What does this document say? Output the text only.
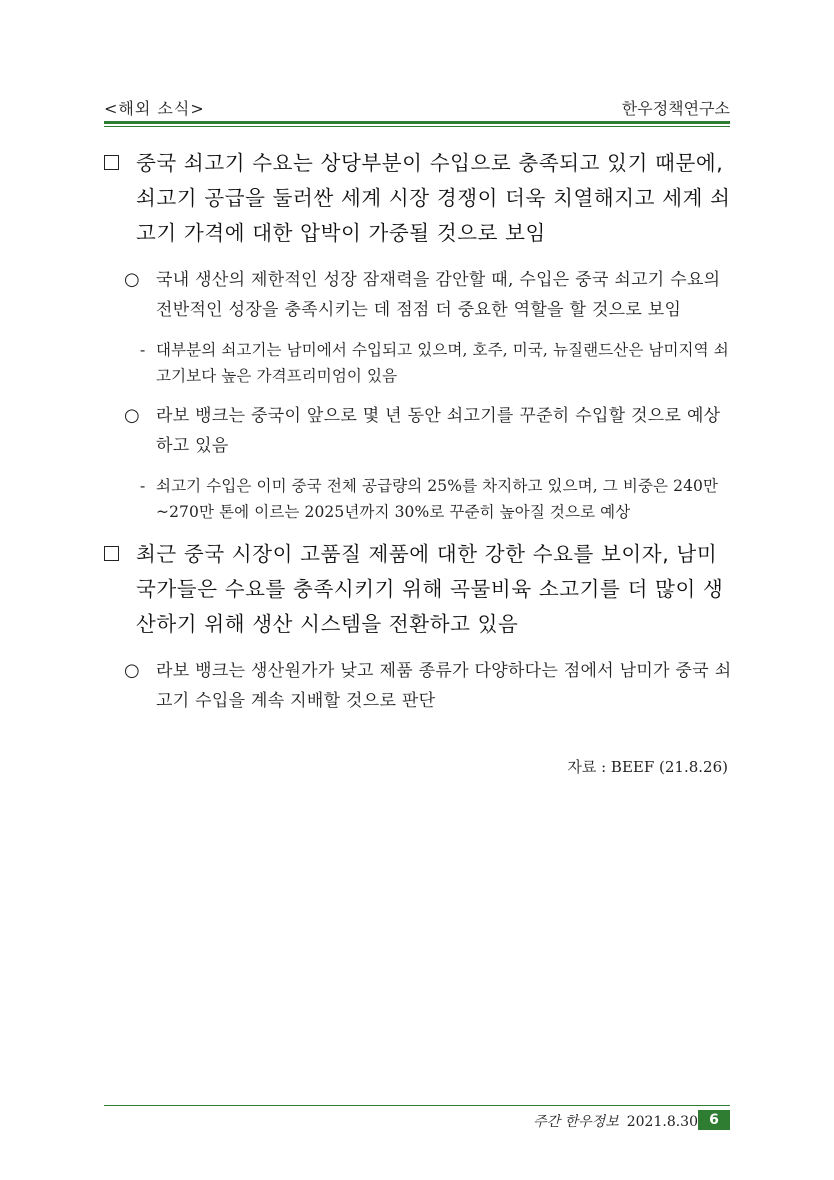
<해외 소식>	한우정책연구소
중국 쇠고기 수요는 상당부분이 수입으로 충족되고 있기 때문에, 쇠고기 공급을 둘러싼 세계 시장 경쟁이 더욱 치열해지고 세계 쇠고기 가격에 대한 압박이 가중될 것으로 보임
○ 국내 생산의 제한적인 성장 잠재력을 감안할 때, 수입은 중국 쇠고기 수요의 전반적인 성장을 충족시키는 데 점점 더 중요한 역할을 할 것으로 보임
- 대부분의 쇠고기는 남미에서 수입되고 있으며, 호주, 미국, 뉴질랜드산은 남미지역 쇠고기보다 높은 가격프리미엄이 있음
○ 라보 뱅크는 중국이 앞으로 몇 년 동안 쇠고기를 꾸준히 수입할 것으로 예상하고 있음
- 쇠고기 수입은 이미 중국 전체 공급량의 25%를 차지하고 있으며, 그 비중은 240만~270만 톤에 이르는 2025년까지 30%로 꾸준히 높아질 것으로 예상
최근 중국 시장이 고품질 제품에 대한 강한 수요를 보이자, 남미 국가들은 수요를 충족시키기 위해 곡물비육 소고기를 더 많이 생산하기 위해 생산 시스템을 전환하고 있음
○ 라보 뱅크는 생산원가가 낮고 제품 종류가 다양하다는 점에서 남미가 중국 쇠고기 수입을 계속 지배할 것으로 판단
자료 : BEEF (21.8.26)
주간 한우정보 2021.8.30 6
